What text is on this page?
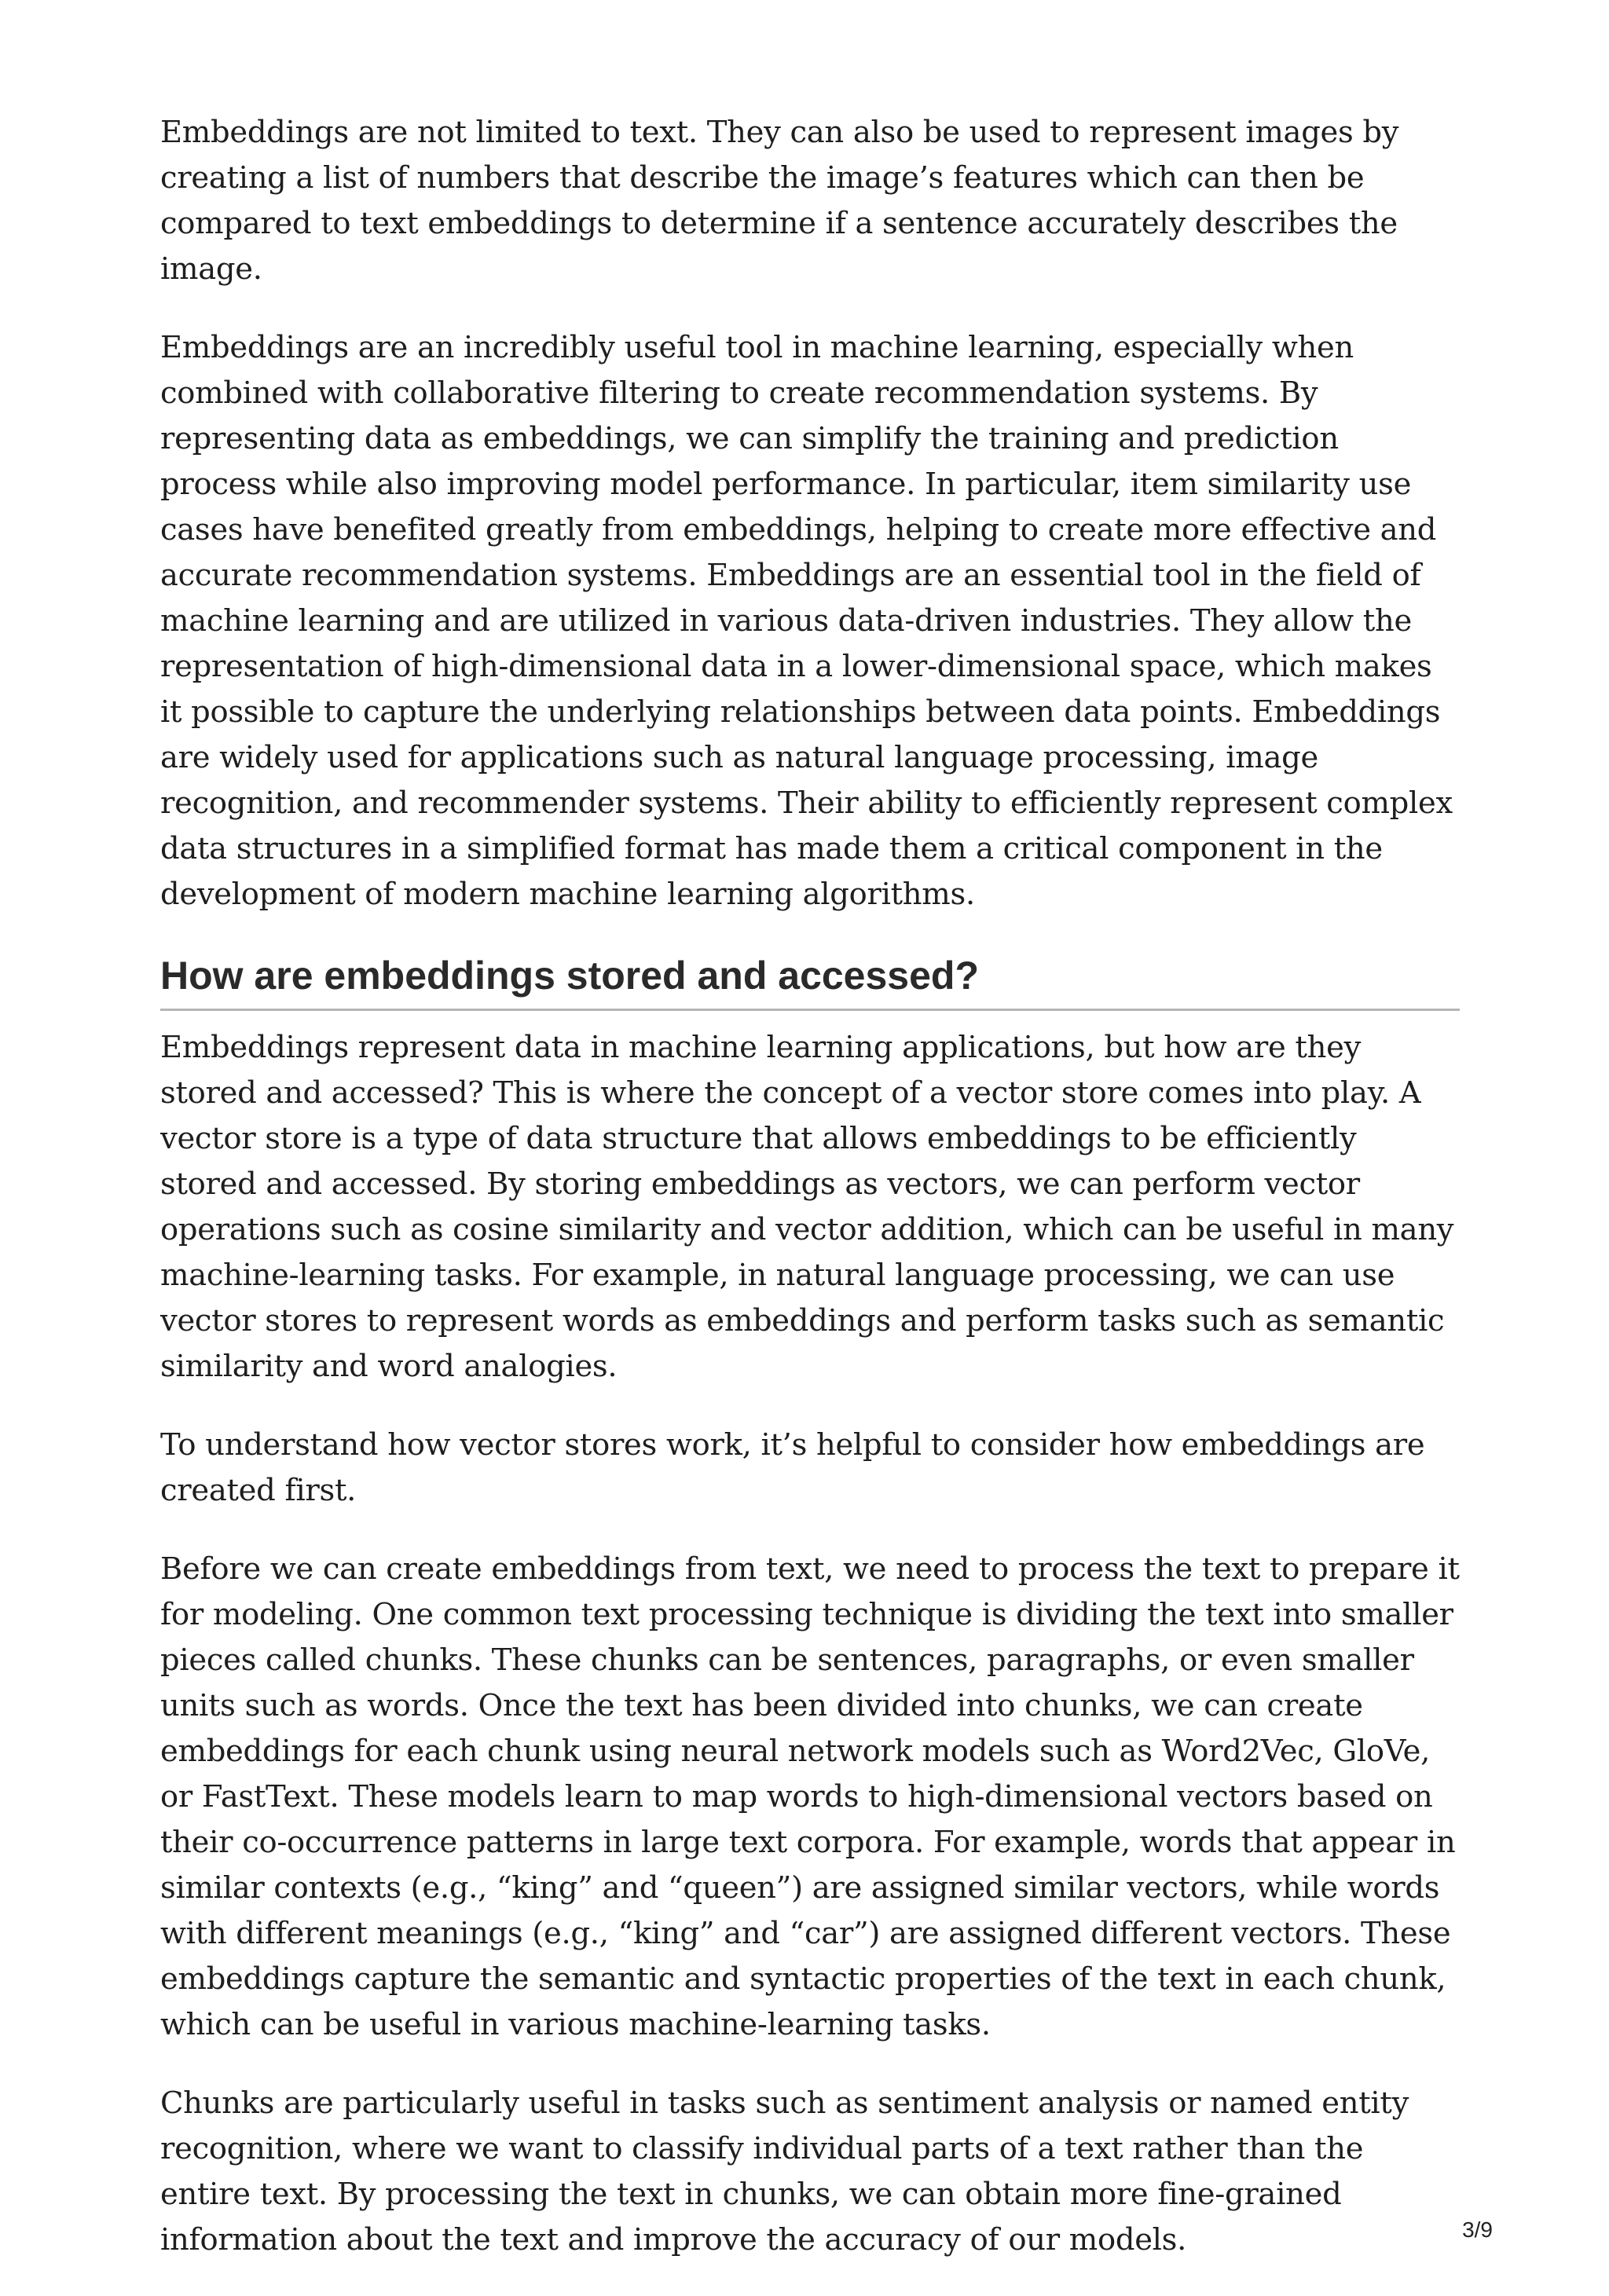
Embeddings are not limited to text. They can also be used to represent images by creating a list of numbers that describe the image’s features which can then be compared to text embeddings to determine if a sentence accurately describes the image.

Embeddings are an incredibly useful tool in machine learning, especially when combined with collaborative filtering to create recommendation systems. By representing data as embeddings, we can simplify the training and prediction process while also improving model performance. In particular, item similarity use cases have benefited greatly from embeddings, helping to create more effective and accurate recommendation systems. Embeddings are an essential tool in the field of machine learning and are utilized in various data-driven industries. They allow the representation of high-dimensional data in a lower-dimensional space, which makes it possible to capture the underlying relationships between data points. Embeddings are widely used for applications such as natural language processing, image recognition, and recommender systems. Their ability to efficiently represent complex data structures in a simplified format has made them a critical component in the development of modern machine learning algorithms.

How are embeddings stored and accessed?

Embeddings represent data in machine learning applications, but how are they stored and accessed? This is where the concept of a vector store comes into play. A vector store is a type of data structure that allows embeddings to be efficiently stored and accessed. By storing embeddings as vectors, we can perform vector operations such as cosine similarity and vector addition, which can be useful in many machine-learning tasks. For example, in natural language processing, we can use vector stores to represent words as embeddings and perform tasks such as semantic similarity and word analogies.

To understand how vector stores work, it’s helpful to consider how embeddings are created first.

Before we can create embeddings from text, we need to process the text to prepare it for modeling. One common text processing technique is dividing the text into smaller pieces called chunks. These chunks can be sentences, paragraphs, or even smaller units such as words. Once the text has been divided into chunks, we can create embeddings for each chunk using neural network models such as Word2Vec, GloVe, or FastText. These models learn to map words to high-dimensional vectors based on their co-occurrence patterns in large text corpora. For example, words that appear in similar contexts (e.g., “king” and “queen”) are assigned similar vectors, while words with different meanings (e.g., “king” and “car”) are assigned different vectors. These embeddings capture the semantic and syntactic properties of the text in each chunk, which can be useful in various machine-learning tasks.

Chunks are particularly useful in tasks such as sentiment analysis or named entity recognition, where we want to classify individual parts of a text rather than the entire text. By processing the text in chunks, we can obtain more fine-grained information about the text and improve the accuracy of our models.	3/9
